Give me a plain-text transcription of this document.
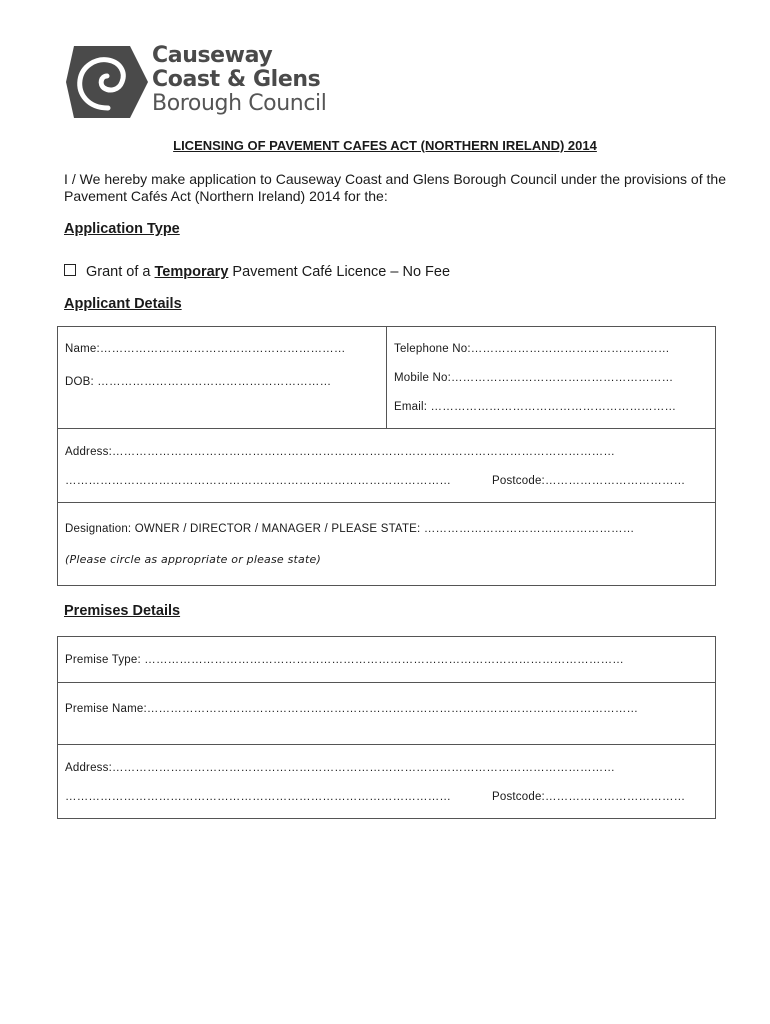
Causeway
Coast & Glens
Borough Council
LICENSING OF PAVEMENT CAFES ACT (NORTHERN IRELAND) 2014
I / We hereby make application to Causeway Coast and Glens Borough Council under the provisions of the Pavement Cafés Act (Northern Ireland) 2014 for the:
Application Type
Grant of a Temporary Pavement Café Licence – No Fee
Applicant Details
Name:………………………………………………………
DOB: ……………………………………………………
Telephone No:……………………………………………
Mobile No:…………………………………………………
Email: ………………………………………………………
Address:…………………………………………………………………………………………………………………
………………………………………………………………………………………	Postcode:………………………………
Designation: OWNER / DIRECTOR / MANAGER / PLEASE STATE: ………………………………………………
(Please circle as appropriate or please state)
Premises Details
Premise Type: ……………………………………………………………………………………………………………
Premise Name:………………………………………………………………………………………………………………
Address:…………………………………………………………………………………………………………………
………………………………………………………………………………………	Postcode:………………………………
